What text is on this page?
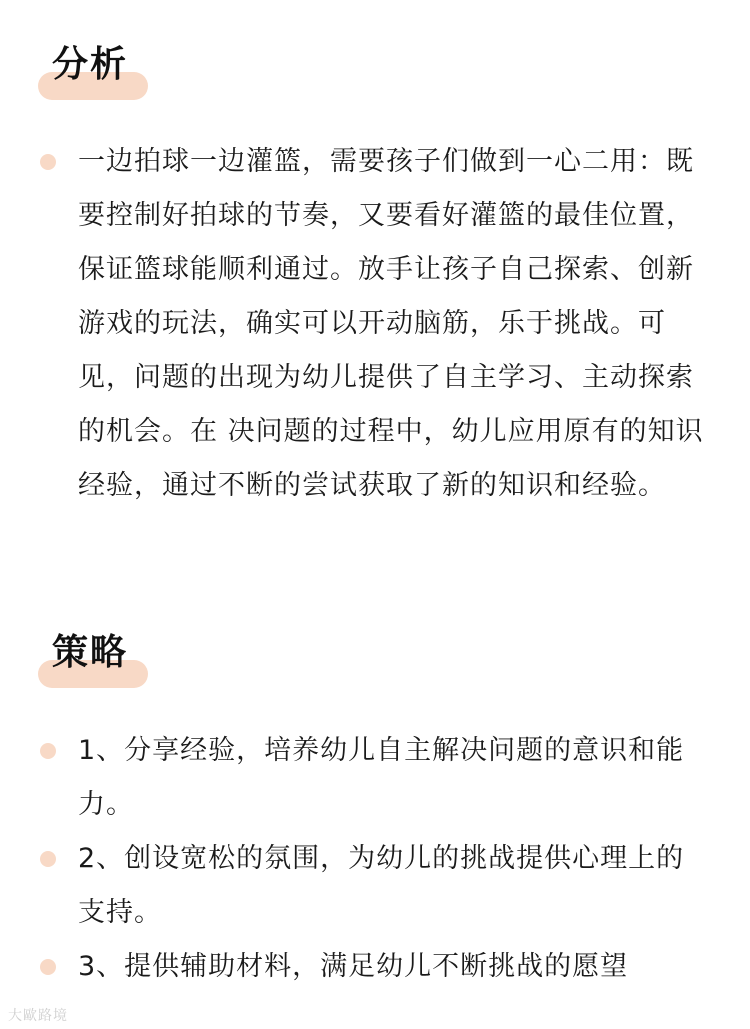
分析

一边拍球一边灌篮，需要孩子们做到一心二用：既要控制好拍球的节奏，又要看好灌篮的最佳位置，保证篮球能顺利通过。放手让孩子自己探索、创新游戏的玩法，确实可以开动脑筋，乐于挑战。可见，问题的出现为幼儿提供了自主学习、主动探索的机会。在 决问题的过程中，幼儿应用原有的知识经验，通过不断的尝试获取了新的知识和经验。

策略

1、分享经验，培养幼儿自主解决问题的意识和能力。

2、创设宽松的氛围，为幼儿的挑战提供心理上的支持。

3、提供辅助材料，满足幼儿不断挑战的愿望

大歐路境
